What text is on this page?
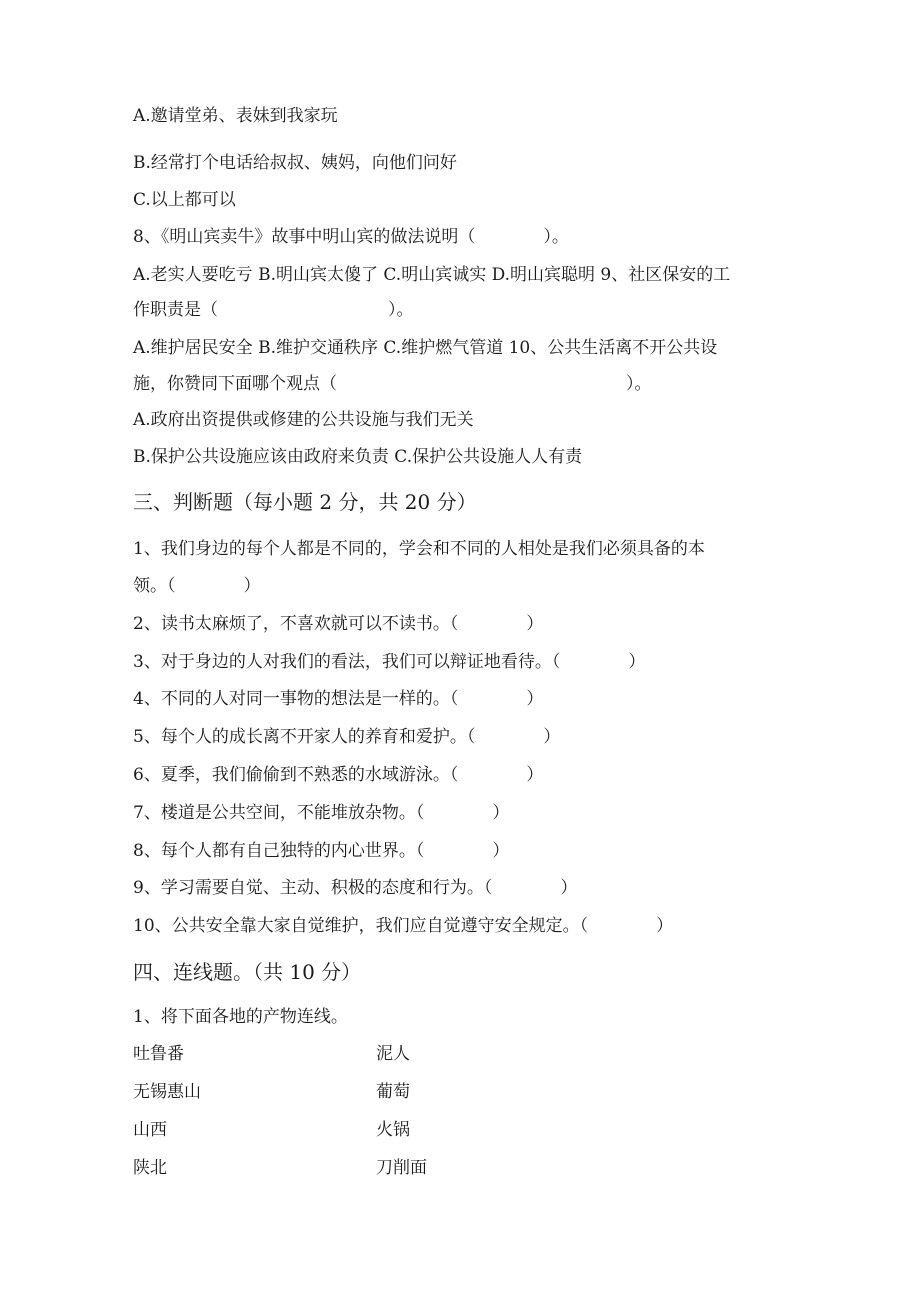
A.邀请堂弟、表妹到我家玩
B.经常打个电话给叔叔、姨妈，向他们问好
C.以上都可以
8、《明山宾卖牛》故事中明山宾的做法说明（　　　　）。
A.老实人要吃亏 B.明山宾太傻了 C.明山宾诚实 D.明山宾聪明 9、社区保安的工
作职责是（　　　　　　　　　　）。
A.维护居民安全 B.维护交通秩序 C.维护燃气管道 10、公共生活离不开公共设
施，你赞同下面哪个观点（　　　　　　　　　　　　　　　　　）。
A.政府出资提供或修建的公共设施与我们无关
B.保护公共设施应该由政府来负责 C.保护公共设施人人有责
三、判断题（每小题 2 分，共 20 分）
1、我们身边的每个人都是不同的，学会和不同的人相处是我们必须具备的本
领。（　　　　）
2、读书太麻烦了，不喜欢就可以不读书。（　　　　）
3、对于身边的人对我们的看法，我们可以辩证地看待。（　　　　）
4、不同的人对同一事物的想法是一样的。（　　　　）
5、每个人的成长离不开家人的养育和爱护。（　　　　）
6、夏季，我们偷偷到不熟悉的水域游泳。（　　　　）
7、楼道是公共空间，不能堆放杂物。（　　　　）
8、每个人都有自己独特的内心世界。（　　　　）
9、学习需要自觉、主动、积极的态度和行为。（　　　　）
10、公共安全靠大家自觉维护，我们应自觉遵守安全规定。（　　　　）
四、连线题。（共 10 分）
1、将下面各地的产物连线。
吐鲁番	泥人
无锡惠山	葡萄
山西	火锅
陕北	刀削面
